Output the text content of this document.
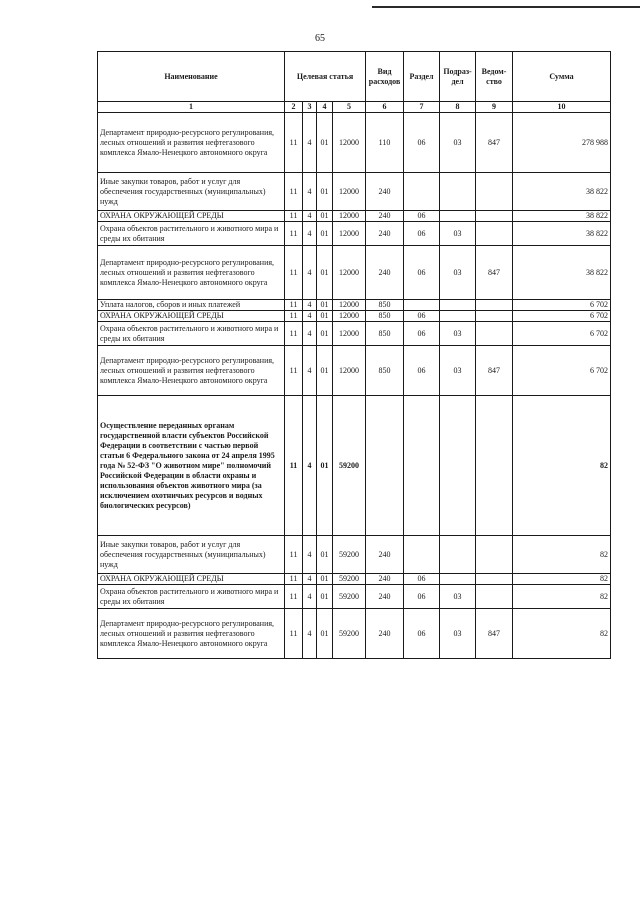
65
Наименование	Целевая статья				Вид расходов	Раздел	Подраз-дел	Ведом-ство	Сумма
1	2	3	4	5	6	7	8	9	10
Департамент природно-ресурсного регулирования, лесных отношений и развития нефтегазового комплекса Ямало-Ненецкого автономного округа	11	4	01	12000	110	06	03	847	278 988
Иные закупки товаров, работ и услуг для обеспечения государственных (муниципальных) нужд	11	4	01	12000	240				38 822
ОХРАНА ОКРУЖАЮЩЕЙ СРЕДЫ	11	4	01	12000	240	06			38 822
Охрана объектов растительного и животного мира и среды их обитания	11	4	01	12000	240	06	03		38 822
Департамент природно-ресурсного регулирования, лесных отношений и развития нефтегазового комплекса Ямало-Ненецкого автономного округа	11	4	01	12000	240	06	03	847	38 822
Уплата налогов, сборов и иных платежей	11	4	01	12000	850				6 702
ОХРАНА ОКРУЖАЮЩЕЙ СРЕДЫ	11	4	01	12000	850	06			6 702
Охрана объектов растительного и животного мира и среды их обитания	11	4	01	12000	850	06	03		6 702
Департамент природно-ресурсного регулирования, лесных отношений и развития нефтегазового комплекса Ямало-Ненецкого автономного округа	11	4	01	12000	850	06	03	847	6 702
Осуществление переданных органам государственной власти субъектов Российской Федерации в соответствии с частью первой статьи 6 Федерального закона от 24 апреля 1995 года № 52-ФЗ "О животном мире" полномочий Российской Федерации в области охраны и использования объектов животного мира (за исключением охотничьих ресурсов и водных биологических ресурсов)	11	4	01	59200					82
Иные закупки товаров, работ и услуг для обеспечения государственных (муниципальных) нужд	11	4	01	59200	240				82
ОХРАНА ОКРУЖАЮЩЕЙ СРЕДЫ	11	4	01	59200	240	06			82
Охрана объектов растительного и животного мира и среды их обитания	11	4	01	59200	240	06	03		82
Департамент природно-ресурсного регулирования, лесных отношений и развития нефтегазового комплекса Ямало-Ненецкого автономного округа	11	4	01	59200	240	06	03	847	82
